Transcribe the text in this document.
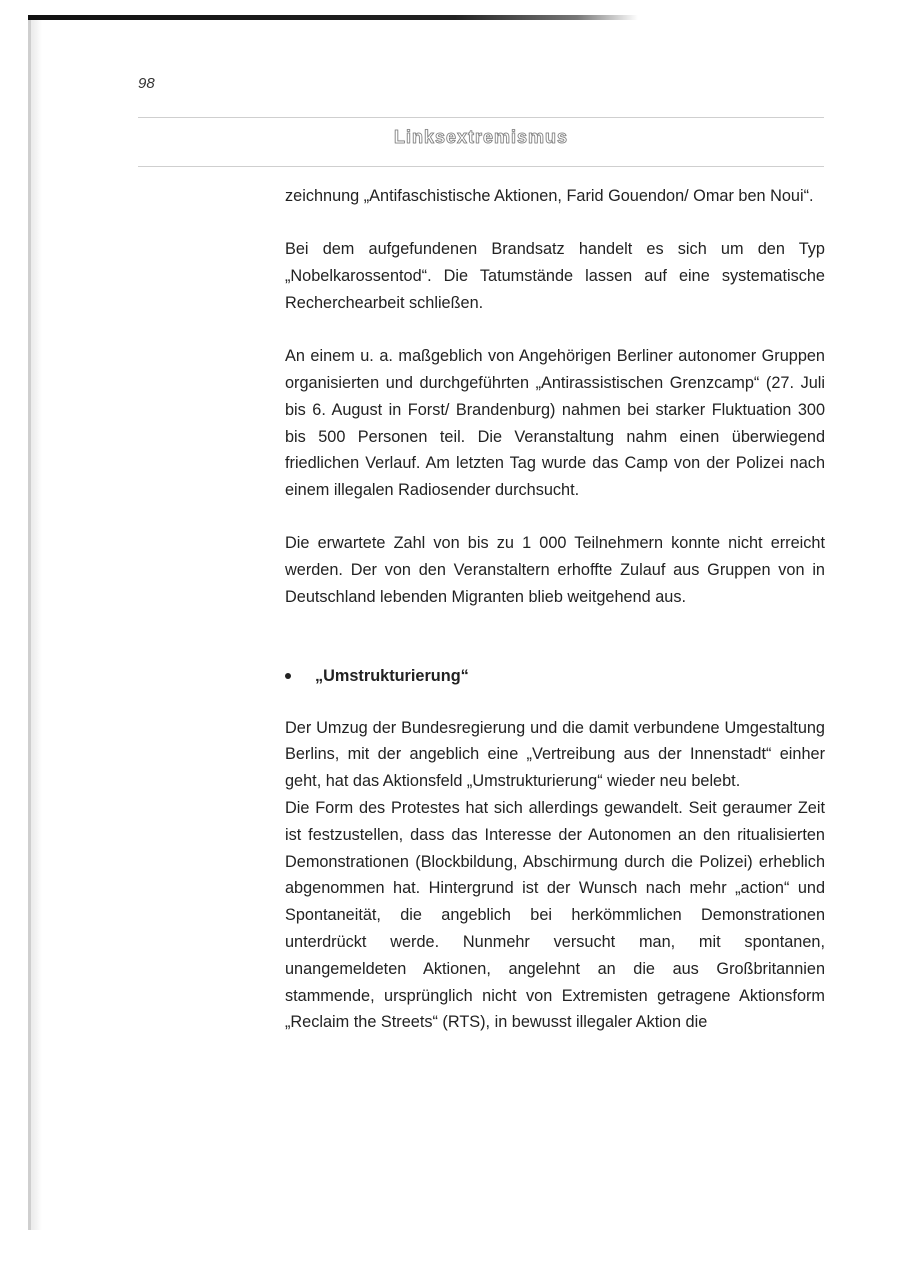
98
Linksextremismus

zeichnung „Antifaschistische Aktionen, Farid Gouendon/ Omar ben Noui“.

Bei dem aufgefundenen Brandsatz handelt es sich um den Typ „Nobelkarossentod“. Die Tatumstände lassen auf eine systematische Recherchearbeit schließen.

An einem u. a. maßgeblich von Angehörigen Berliner autonomer Gruppen organisierten und durchgeführten „Antirassistischen Grenzcamp“ (27. Juli bis 6. August in Forst/ Brandenburg) nahmen bei starker Fluktuation 300 bis 500 Personen teil. Die Veranstaltung nahm einen überwiegend friedlichen Verlauf. Am letzten Tag wurde das Camp von der Polizei nach einem illegalen Radiosender durchsucht.

Die erwartete Zahl von bis zu 1 000 Teilnehmern konnte nicht erreicht werden. Der von den Veranstaltern erhoffte Zulauf aus Gruppen von in Deutschland lebenden Migranten blieb weitgehend aus.

„Umstrukturierung“

Der Umzug der Bundesregierung und die damit verbundene Umgestaltung Berlins, mit der angeblich eine „Vertreibung aus der Innenstadt“ einher geht, hat das Aktionsfeld „Umstrukturierung“ wieder neu belebt.

Die Form des Protestes hat sich allerdings gewandelt. Seit geraumer Zeit ist festzustellen, dass das Interesse der Autonomen an den ritualisierten Demonstrationen (Blockbildung, Abschirmung durch die Polizei) erheblich abgenommen hat. Hintergrund ist der Wunsch nach mehr „action“ und Spontaneität, die angeblich bei herkömmlichen Demonstrationen unterdrückt werde. Nunmehr versucht man, mit spontanen, unangemeldeten Aktionen, angelehnt an die aus Großbritannien stammende, ursprünglich nicht von Extremisten getragene Aktionsform „Reclaim the Streets“ (RTS), in bewusst illegaler Aktion die
